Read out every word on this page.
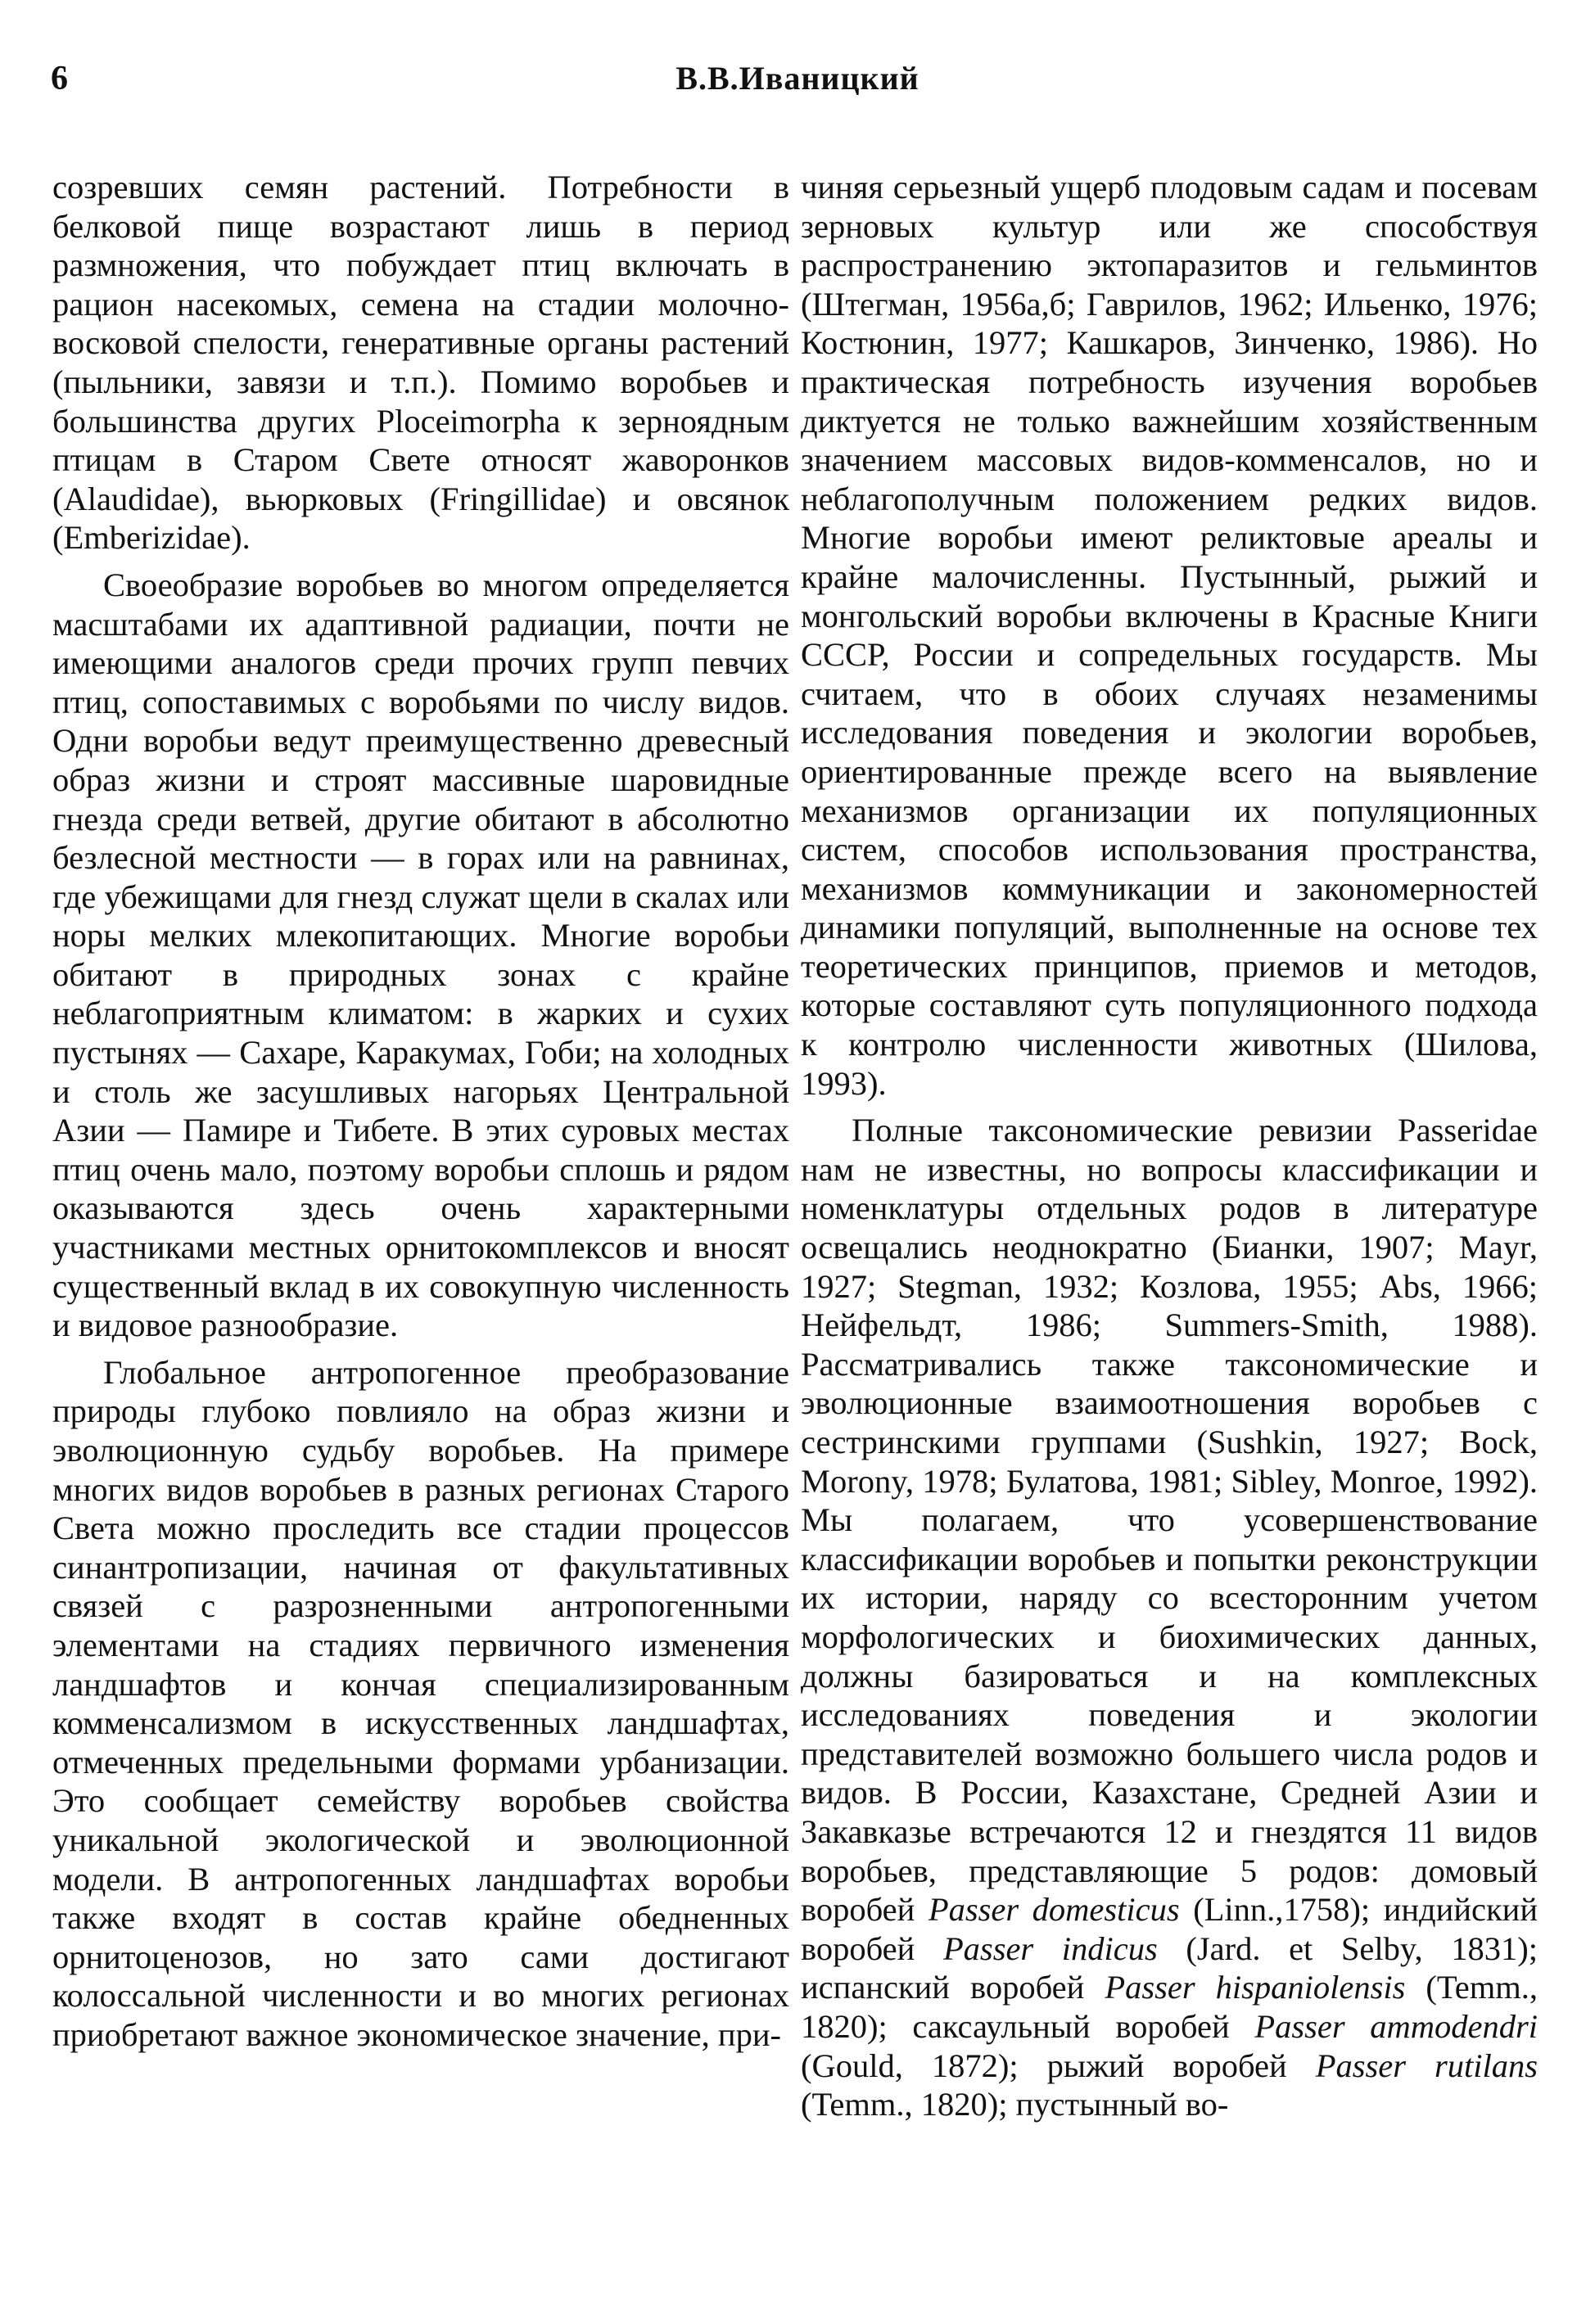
6	В.В.Иваницкий

созревших семян растений. Потребности в белковой пище возрастают лишь в период размножения, что побуждает птиц включать в рацион насекомых, семена на стадии молочно-восковой спелости, генеративные органы растений (пыльники, завязи и т.п.). Помимо воробьев и большинства других Ploceimorpha к зерноядным птицам в Старом Свете относят жаворонков (Alaudidae), вьюрковых (Fringillidae) и овсянок (Emberizidae).

Своеобразие воробьев во многом определяется масштабами их адаптивной радиации, почти не имеющими аналогов среди прочих групп певчих птиц, сопоставимых с воробьями по числу видов. Одни воробьи ведут преимущественно древесный образ жизни и строят массивные шаровидные гнезда среди ветвей, другие обитают в абсолютно безлесной местности — в горах или на равнинах, где убежищами для гнезд служат щели в скалах или норы мелких млекопитающих. Многие воробьи обитают в природных зонах с крайне неблагоприятным климатом: в жарких и сухих пустынях — Сахаре, Каракумах, Гоби; на холодных и столь же засушливых нагорьях Центральной Азии — Памире и Тибете. В этих суровых местах птиц очень мало, поэтому воробьи сплошь и рядом оказываются здесь очень характерными участниками местных орнитокомплексов и вносят существенный вклад в их совокупную численность и видовое разнообразие.

Глобальное антропогенное преобразование природы глубоко повлияло на образ жизни и эволюционную судьбу воробьев. На примере многих видов воробьев в разных регионах Старого Света можно проследить все стадии процессов синантропизации, начиная от факультативных связей с разрозненными антропогенными элементами на стадиях первичного изменения ландшафтов и кончая специализированным комменсализмом в искусственных ландшафтах, отмеченных предельными формами урбанизации. Это сообщает семейству воробьев свойства уникальной экологической и эволюционной модели. В антропогенных ландшафтах воробьи также входят в состав крайне обедненных орнитоценозов, но зато сами достигают колоссальной численности и во многих регионах приобретают важное экономическое значение, при-

чиняя серьезный ущерб плодовым садам и посевам зерновых культур или же способствуя распространению эктопаразитов и гельминтов (Штегман, 1956а,б; Гаврилов, 1962; Ильенко, 1976; Костюнин, 1977; Кашкаров, Зинченко, 1986). Но практическая потребность изучения воробьев диктуется не только важнейшим хозяйственным значением массовых видов-комменсалов, но и неблагополучным положением редких видов. Многие воробьи имеют реликтовые ареалы и крайне малочисленны. Пустынный, рыжий и монгольский воробьи включены в Красные Книги СССР, России и сопредельных государств. Мы считаем, что в обоих случаях незаменимы исследования поведения и экологии воробьев, ориентированные прежде всего на выявление механизмов организации их популяционных систем, способов использования пространства, механизмов коммуникации и закономерностей динамики популяций, выполненные на основе тех теоретических принципов, приемов и методов, которые составляют суть популяционного подхода к контролю численности животных (Шилова, 1993).

Полные таксономические ревизии Passeridae нам не известны, но вопросы классификации и номенклатуры отдельных родов в литературе освещались неоднократно (Бианки, 1907; Mayr, 1927; Stegman, 1932; Козлова, 1955; Abs, 1966; Нейфельдт, 1986; Summers-Smith, 1988). Рассматривались также таксономические и эволюционные взаимоотношения воробьев с сестринскими группами (Sushkin, 1927; Bock, Morony, 1978; Булатова, 1981; Sibley, Monroe, 1992). Мы полагаем, что усовершенствование классификации воробьев и попытки реконструкции их истории, наряду со всесторонним учетом морфологических и биохимических данных, должны базироваться и на комплексных исследованиях поведения и экологии представителей возможно большего числа родов и видов. В России, Казахстане, Средней Азии и Закавказье встречаются 12 и гнездятся 11 видов воробьев, представляющие 5 родов: домовый воробей Passer domesticus (Linn.,1758); индийский воробей Passer indicus (Jard. et Selby, 1831); испанский воробей Passer hispaniolensis (Temm., 1820); саксаульный воробей Passer ammodendri (Gould, 1872); рыжий воробей Passer rutilans (Temm., 1820); пустынный во-
